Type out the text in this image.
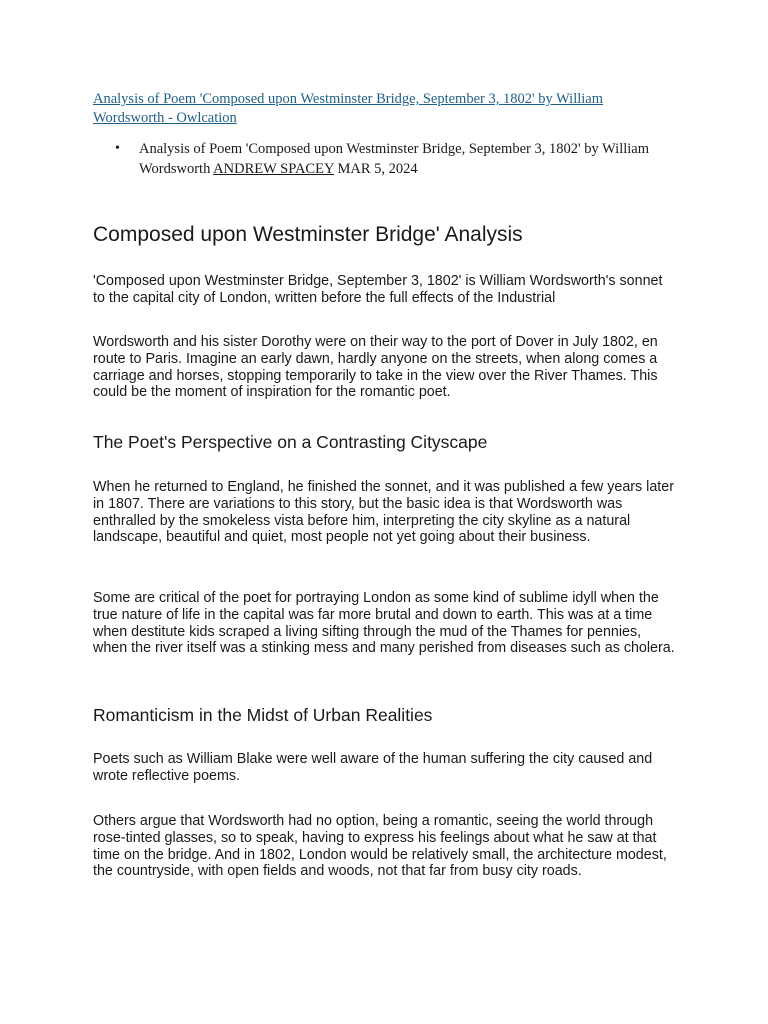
Analysis of Poem 'Composed upon Westminster Bridge, September 3, 1802' by William Wordsworth - Owlcation
• Analysis of Poem 'Composed upon Westminster Bridge, September 3, 1802' by William Wordsworth ANDREW SPACEY MAR 5, 2024
Composed upon Westminster Bridge' Analysis

'Composed upon Westminster Bridge, September 3, 1802' is William Wordsworth's sonnet to the capital city of London, written before the full effects of the Industrial

Wordsworth and his sister Dorothy were on their way to the port of Dover in July 1802, en route to Paris. Imagine an early dawn, hardly anyone on the streets, when along comes a carriage and horses, stopping temporarily to take in the view over the River Thames. This could be the moment of inspiration for the romantic poet.

The Poet's Perspective on a Contrasting Cityscape

When he returned to England, he finished the sonnet, and it was published a few years later in 1807. There are variations to this story, but the basic idea is that Wordsworth was enthralled by the smokeless vista before him, interpreting the city skyline as a natural landscape, beautiful and quiet, most people not yet going about their business.

Some are critical of the poet for portraying London as some kind of sublime idyll when the true nature of life in the capital was far more brutal and down to earth. This was at a time when destitute kids scraped a living sifting through the mud of the Thames for pennies, when the river itself was a stinking mess and many perished from diseases such as cholera.

Romanticism in the Midst of Urban Realities

Poets such as William Blake were well aware of the human suffering the city caused and wrote reflective poems.

Others argue that Wordsworth had no option, being a romantic, seeing the world through rose-tinted glasses, so to speak, having to express his feelings about what he saw at that time on the bridge. And in 1802, London would be relatively small, the architecture modest, the countryside, with open fields and woods, not that far from busy city roads.
